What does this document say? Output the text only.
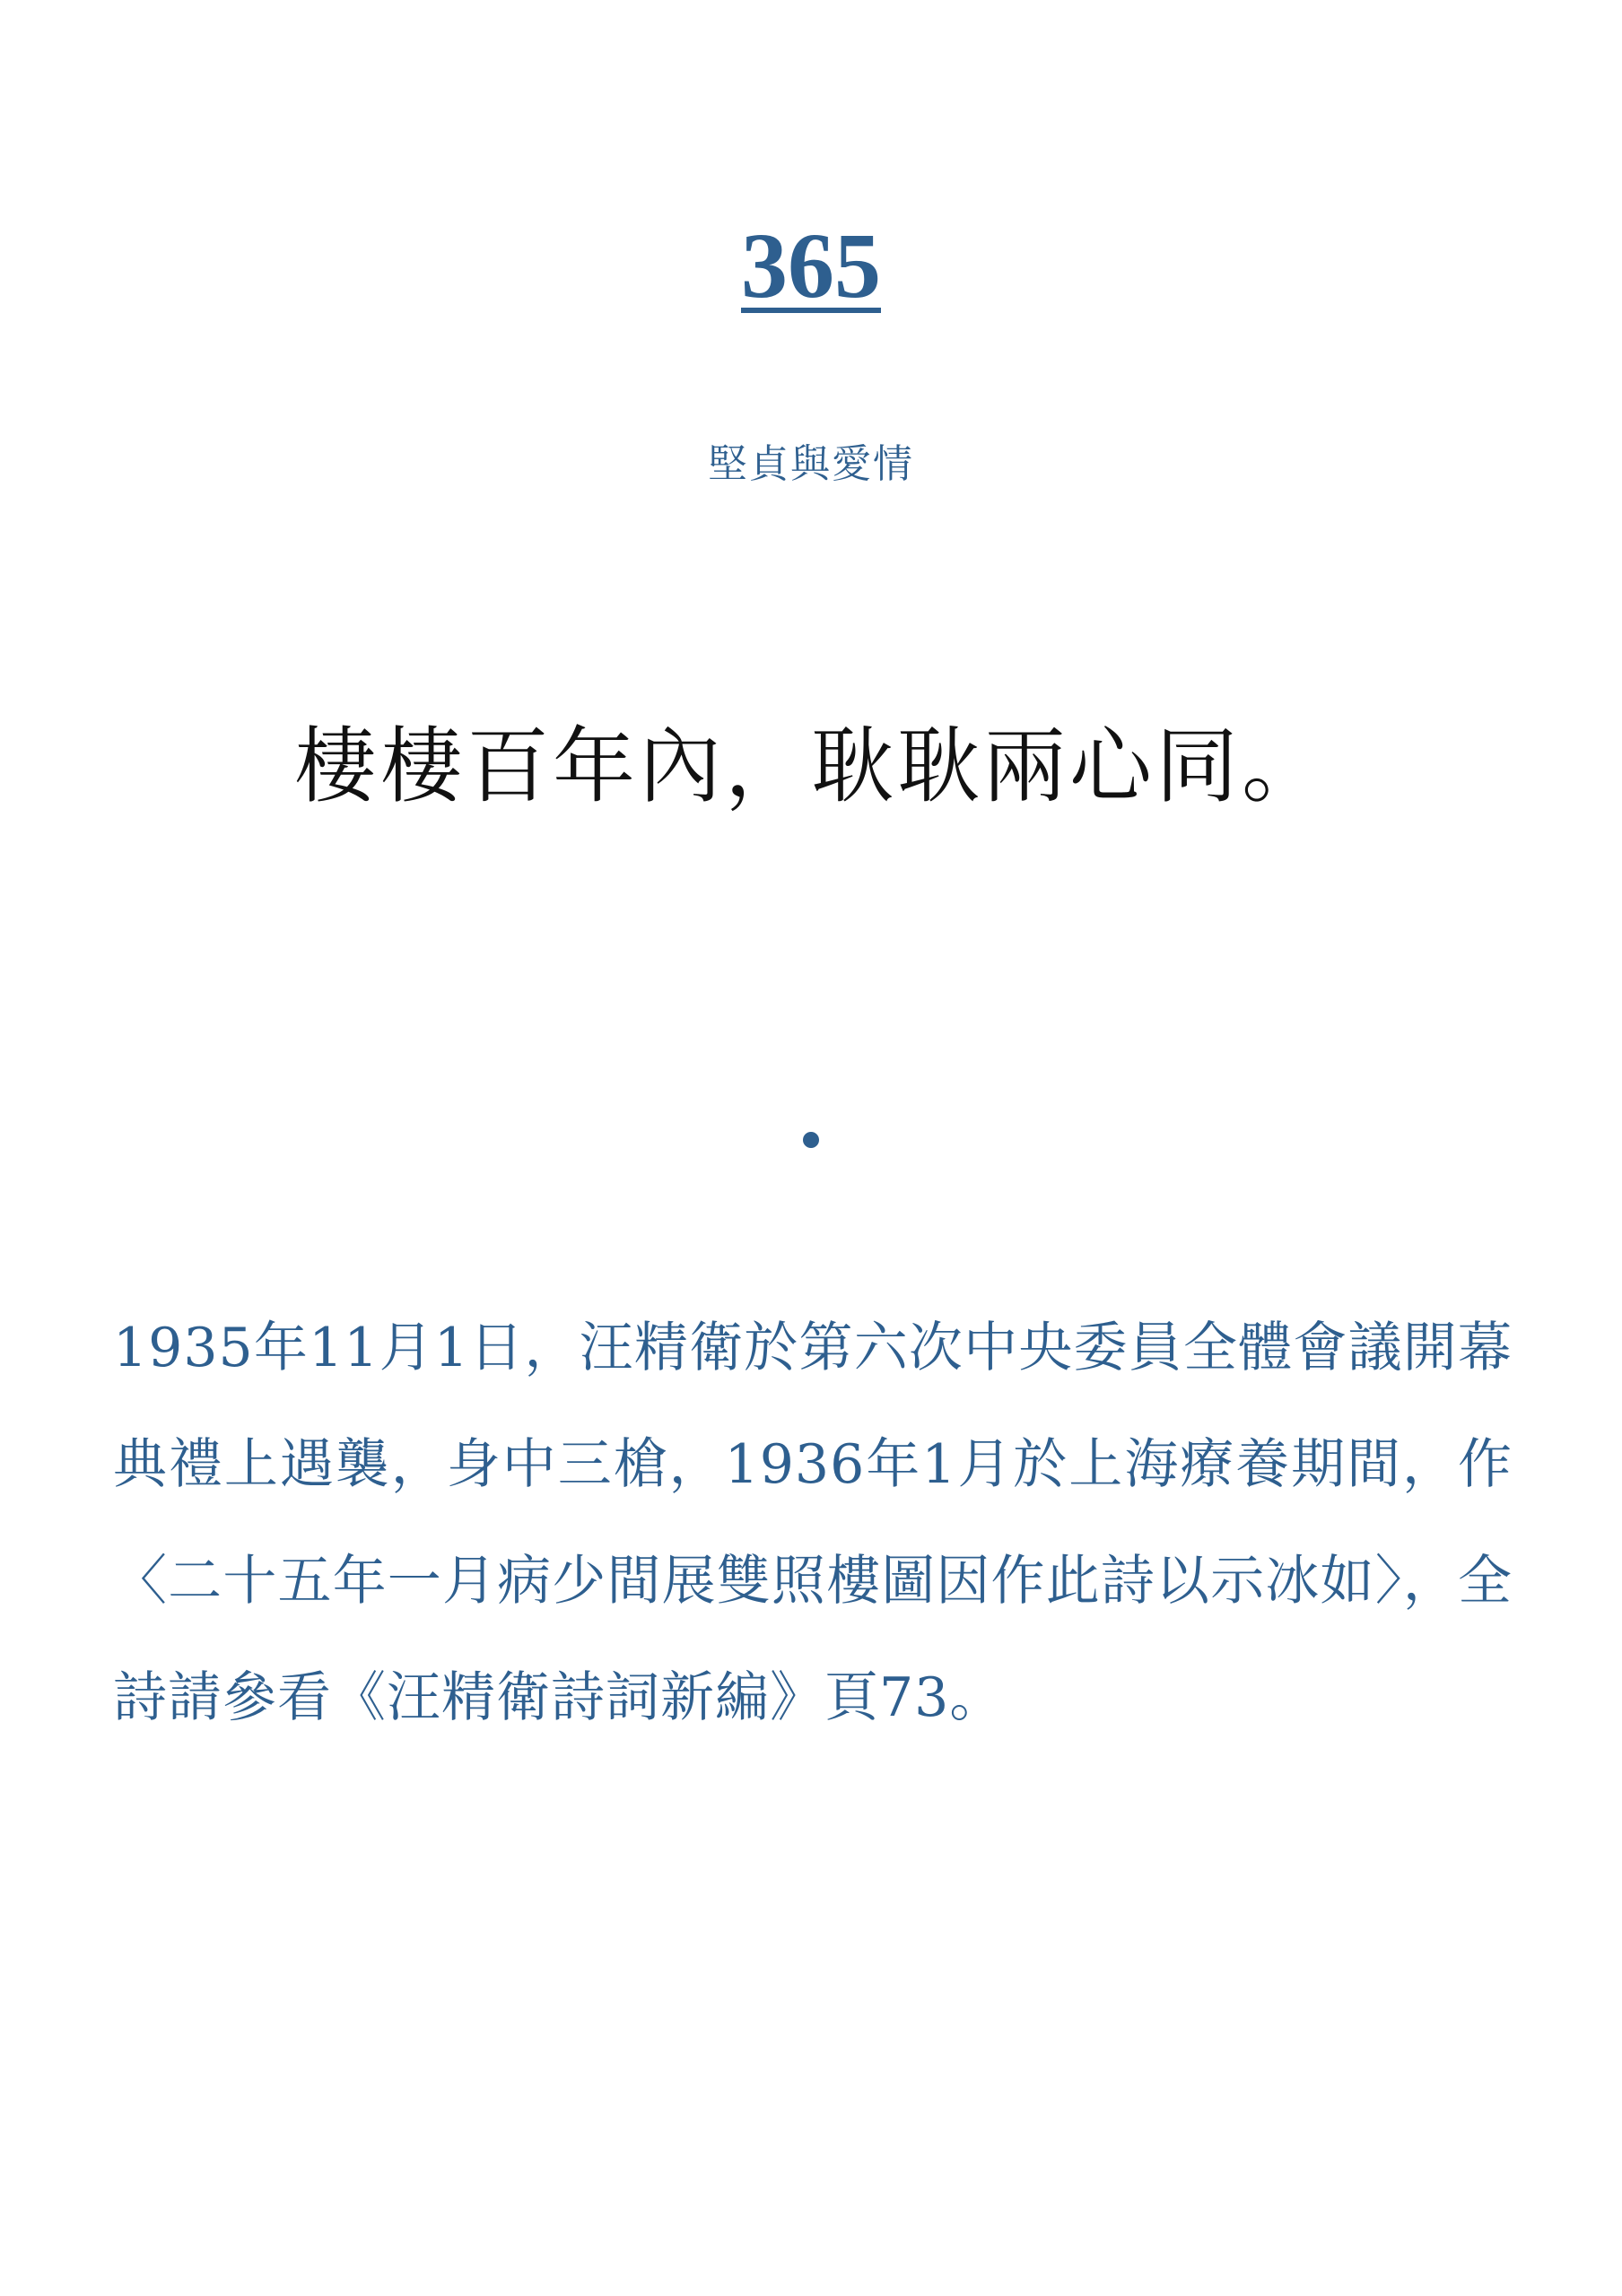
365
堅貞與愛情
棲棲百年內，耿耿兩心同。
1935年11月1日，汪精衛於第六次中央委員全體會議開幕典禮上遇襲，身中三槍，1936年1月於上海療養期間，作〈二十五年一月病少間展雙照樓圖因作此詩以示冰如〉，全詩請參看《汪精衛詩詞新編》頁73。
